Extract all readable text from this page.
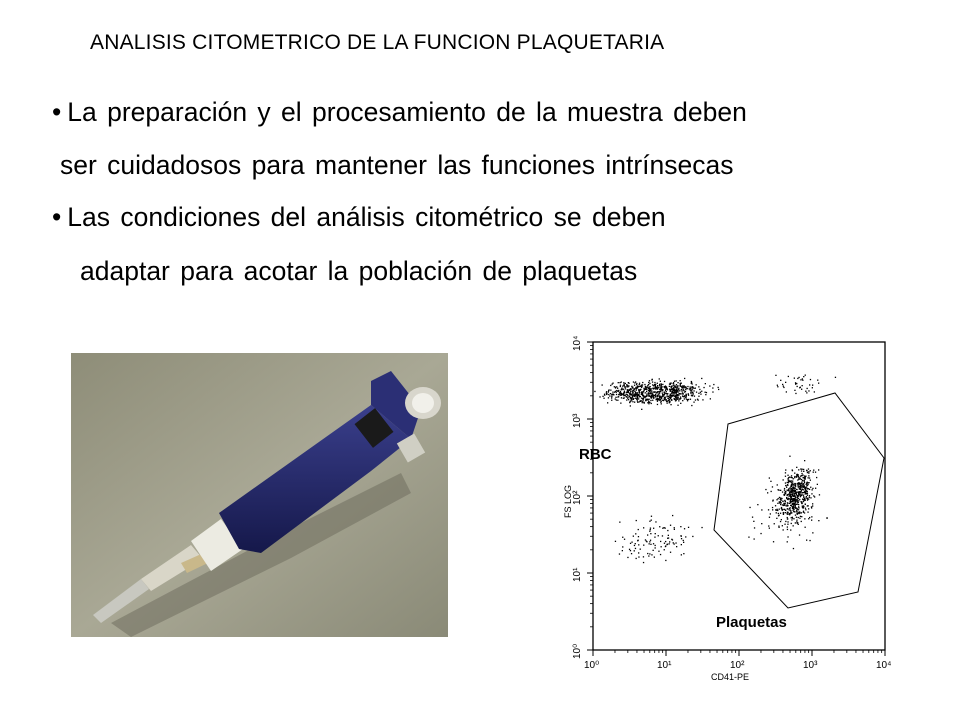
ANALISIS CITOMETRICO DE LA FUNCION PLAQUETARIA
• La preparación y el procesamiento de la muestra deben
ser cuidadosos para mantener las funciones intrínsecas
• Las condiciones del análisis citométrico se deben
adaptar para acotar la población de plaquetas
10⁰
10⁰
10¹
10¹
10²
10²
10³
10³
10⁴
10⁴
RBC
Plaquetas
CD41-PE
FS LOG
